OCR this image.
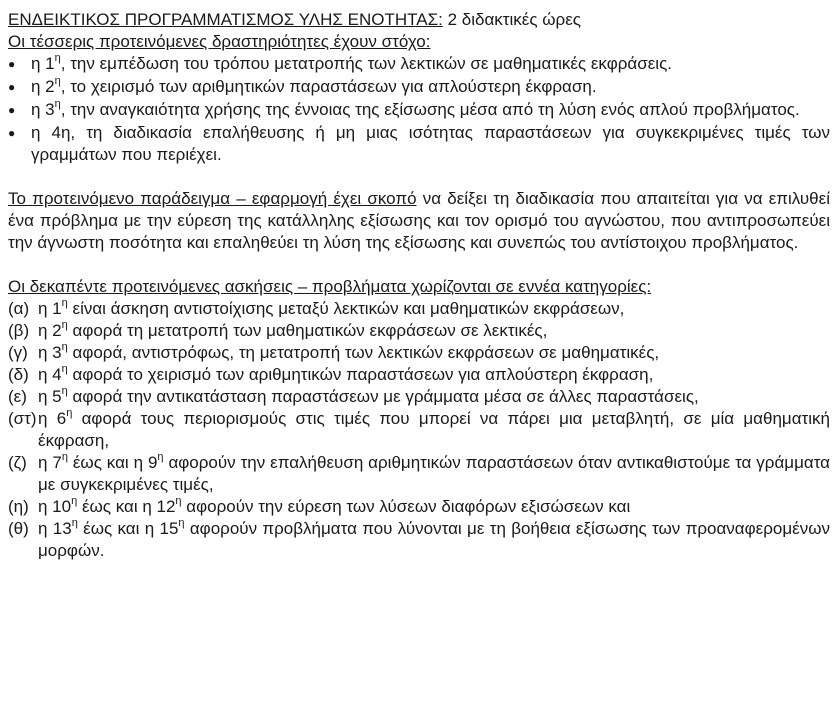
ΕΝΔΕΙΚΤΙΚΟΣ ΠΡΟΓΡΑΜΜΑΤΙΣΜΟΣ ΥΛΗΣ ΕΝΟΤΗΤΑΣ: 2 διδακτικές ώρες

Οι τέσσερις προτεινόμενες δραστηριότητες έχουν στόχο:

●
η $1^\eta$, την εμπέδωση του τρόπου μετατροπής των λεκτικών σε μαθηματικές εκφράσεις.
●
η $2^\eta$, το χειρισμό των αριθμητικών παραστάσεων για απλούστερη έκφραση.
●
η $3^\eta$, την αναγκαιότητα χρήσης της έννοιας της εξίσωσης μέσα από τη λύση ενός απλού προβλήματος.
●
η 4η, τη διαδικασία επαλήθευσης ή μη μιας ισότητας παραστάσεων για συγκεκριμένες τιμές των γραμμάτων που περιέχει.

Το προτεινόμενο παράδειγμα – εφαρμογή έχει σκοπό να δείξει τη διαδικασία που απαιτείται για να επιλυθεί ένα πρόβλημα με την εύρεση της κατάλληλης εξίσωσης και τον ορισμό του αγνώστου, που αντιπροσωπεύει την άγνωστη ποσότητα και επαληθεύει τη λύση της εξίσωσης και συνεπώς του αντίστοιχου προβλήματος.

Οι δεκαπέντε προτεινόμενες ασκήσεις – προβλήματα χωρίζονται σε εννέα κατηγορίες:

(α) η $1^\eta$ είναι άσκηση αντιστοίχισης μεταξύ λεκτικών και μαθηματικών εκφράσεων,
(β) η $2^\eta$ αφορά τη μετατροπή των μαθηματικών εκφράσεων σε λεκτικές,
(γ) η $3^\eta$ αφορά, αντιστρόφως, τη μετατροπή των λεκτικών εκφράσεων σε μαθηματικές,
(δ) η $4^\eta$ αφορά το χειρισμό των αριθμητικών παραστάσεων για απλούστερη έκφραση,
(ε) η $5^\eta$ αφορά την αντικατάσταση παραστάσεων με γράμματα μέσα σε άλλες παραστάσεις,
(στ) η $6^\eta$ αφορά τους περιορισμούς στις τιμές που μπορεί να πάρει μια μεταβλητή, σε μία μαθηματική έκφραση,
(ζ) η $7^\eta$ έως και η $9^\eta$ αφορούν την επαλήθευση αριθμητικών παραστάσεων όταν αντικαθιστούμε τα γράμματα με συγκεκριμένες τιμές,
(η) η $10^\eta$ έως και η $12^\eta$ αφορούν την εύρεση των λύσεων διαφόρων εξισώσεων και
(θ) η $13^\eta$ έως και η $15^\eta$ αφορούν προβλήματα που λύνονται με τη βοήθεια εξίσωσης των προαναφερομένων μορφών.
